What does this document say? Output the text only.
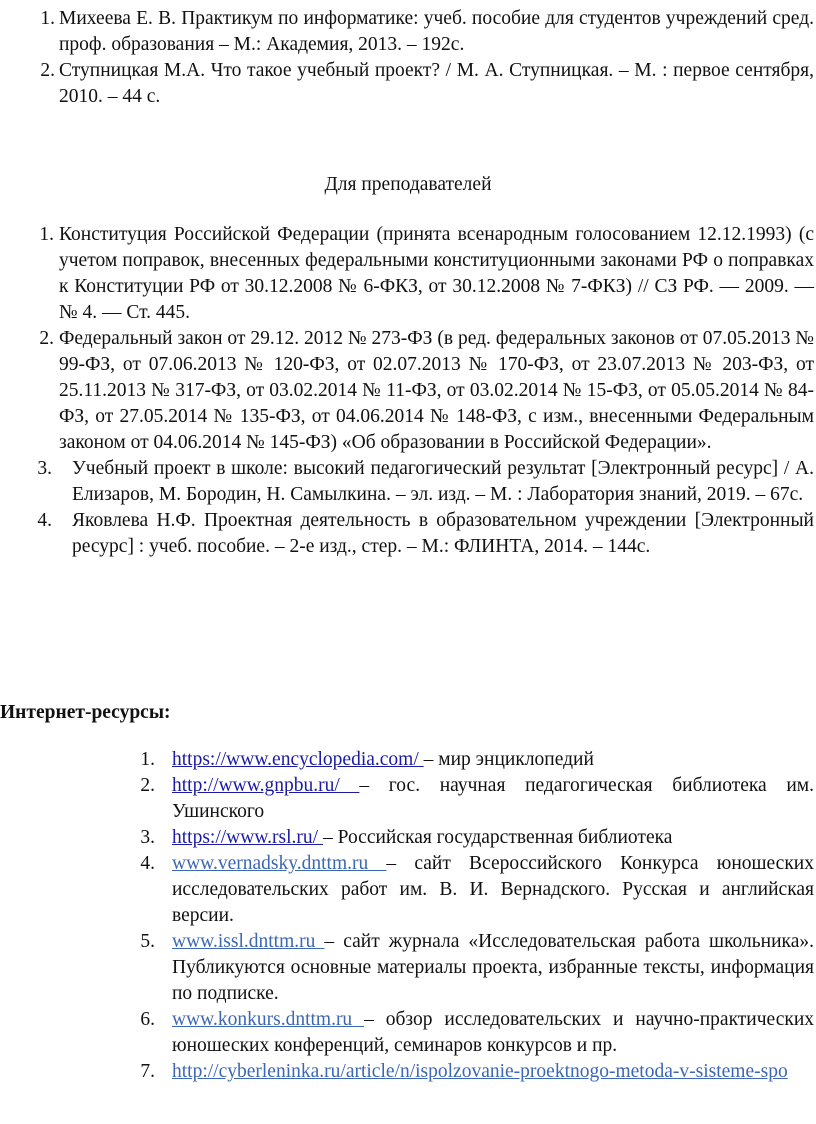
1. Михеева Е. В. Практикум по информатике: учеб. пособие для студентов учреждений сред. проф. образования – М.: Академия, 2013. – 192с.
2. Ступницкая М.А. Что такое учебный проект? / М. А. Ступницкая. – М. : первое сентября, 2010. – 44 с.
Для преподавателей
1. Конституция Российской Федерации (принята всенародным голосованием 12.12.1993) (с учетом поправок, внесенных федеральными конституционными законами РФ о поправках к Конституции РФ от 30.12.2008 № 6-ФКЗ, от 30.12.2008 № 7-ФКЗ) // СЗ РФ. — 2009. — № 4. — Ст. 445.
2. Федеральный закон от 29.12. 2012 № 273-ФЗ (в ред. федеральных законов от 07.05.2013 № 99-ФЗ, от 07.06.2013 № 120-ФЗ, от 02.07.2013 № 170-ФЗ, от 23.07.2013 № 203-ФЗ, от 25.11.2013 № 317-ФЗ, от 03.02.2014 № 11-ФЗ, от 03.02.2014 № 15-ФЗ, от 05.05.2014 № 84-ФЗ, от 27.05.2014 № 135-ФЗ, от 04.06.2014 № 148-ФЗ, с изм., внесенными Федеральным законом от 04.06.2014 № 145-ФЗ) «Об образовании в Российской Федерации».
3. Учебный проект в школе: высокий педагогический результат [Электронный ресурс] / А. Елизаров, М. Бородин, Н. Самылкина. – эл. изд. – М. : Лаборатория знаний, 2019. – 67с.
4. Яковлева Н.Ф. Проектная деятельность в образовательном учреждении [Электронный ресурс] : учеб. пособие. – 2-е изд., стер. – М.: ФЛИНТА, 2014. – 144с.
Интернет-ресурсы:
1. https://www.encyclopedia.com/ – мир энциклопедий
2. http://www.gnpbu.ru/ – гос. научная педагогическая библиотека им. Ушинского
3. https://www.rsl.ru/ – Российская государственная библиотека
4. www.vernadsky.dnttm.ru – сайт Всероссийского Конкурса юношеских исследовательских работ им. В. И. Вернадского. Русская и английская версии.
5. www.issl.dnttm.ru – сайт журнала «Исследовательская работа школьника». Публикуются основные материалы проекта, избранные тексты, информация по подписке.
6. www.konkurs.dnttm.ru – обзор исследовательских и научно-практических юношеских конференций, семинаров конкурсов и пр.
7. http://cyberleninka.ru/article/n/ispolzovanie-proektnogo-metoda-v-sisteme-spo
